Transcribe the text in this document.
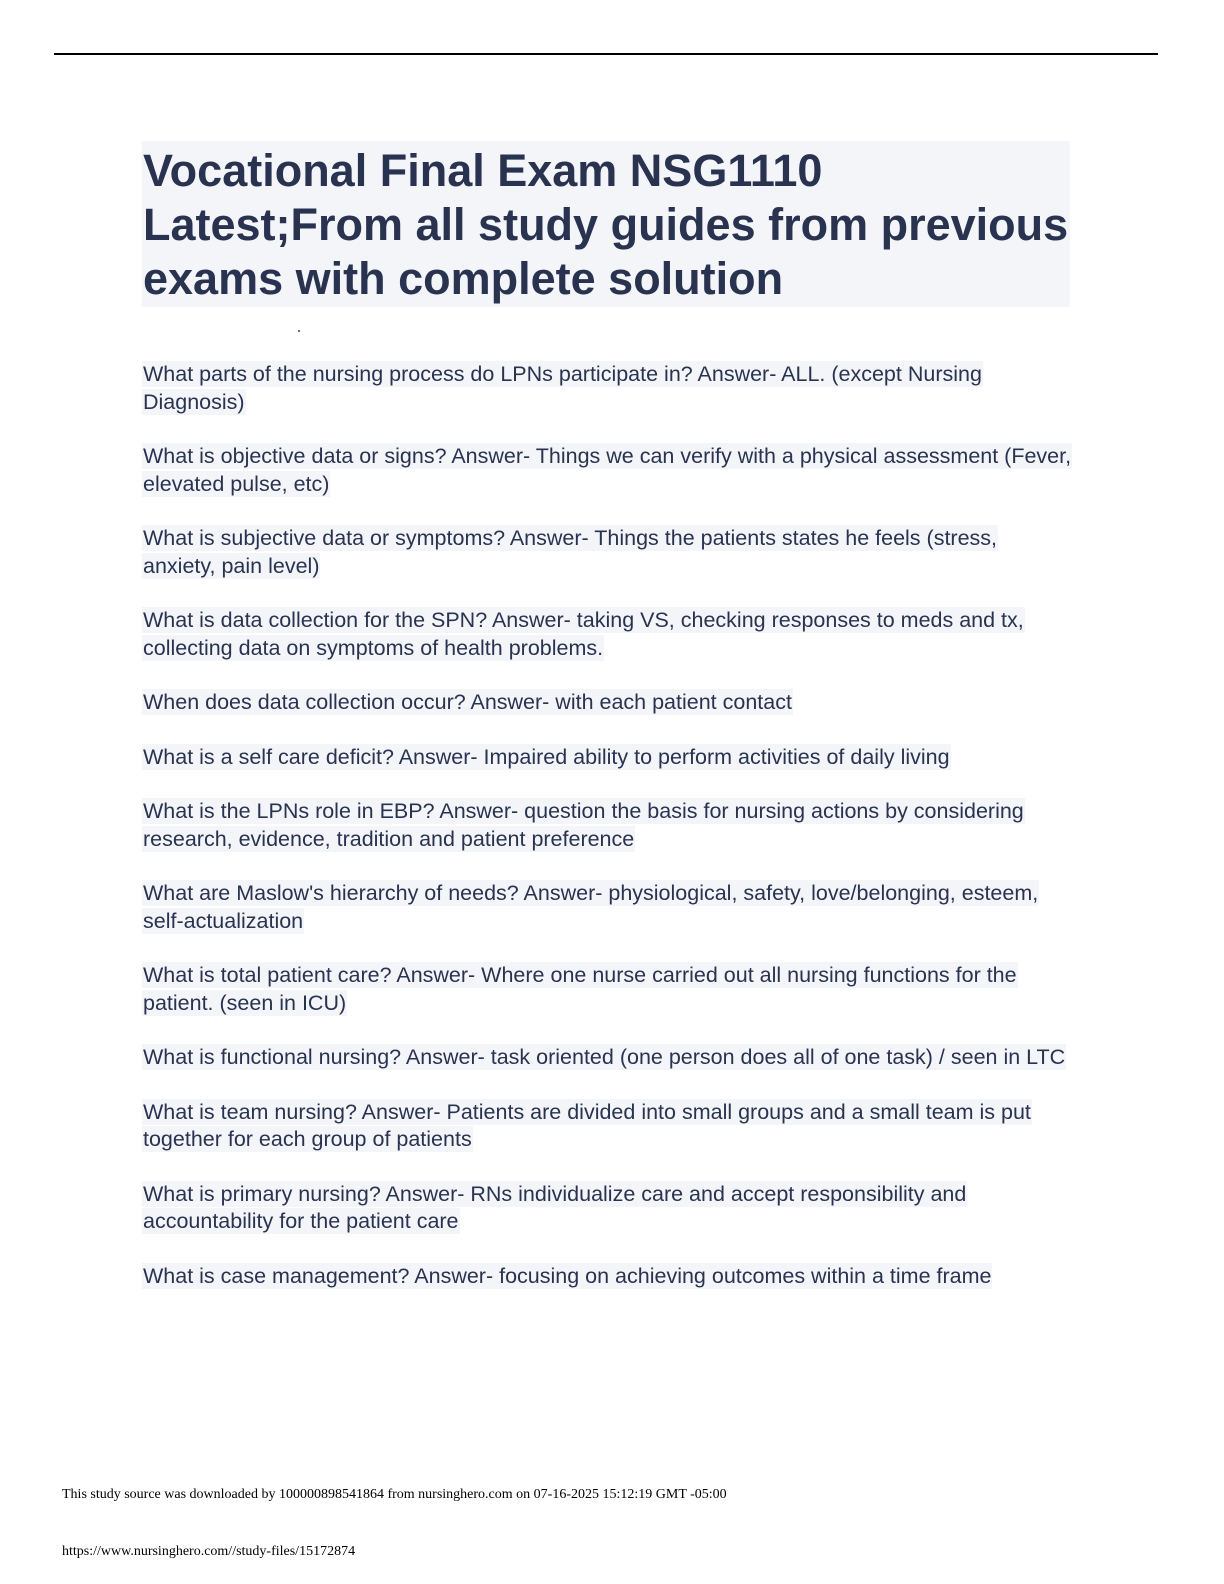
Vocational Final Exam NSG1110 Latest;From all study guides from previous exams with complete solution

What parts of the nursing process do LPNs participate in? Answer- ALL. (except Nursing Diagnosis)

What is objective data or signs? Answer- Things we can verify with a physical assessment (Fever, elevated pulse, etc)

What is subjective data or symptoms? Answer- Things the patients states he feels (stress, anxiety, pain level)

What is data collection for the SPN? Answer- taking VS, checking responses to meds and tx, collecting data on symptoms of health problems.

When does data collection occur? Answer- with each patient contact

What is a self care deficit? Answer- Impaired ability to perform activities of daily living

What is the LPNs role in EBP? Answer- question the basis for nursing actions by considering research, evidence, tradition and patient preference

What are Maslow's hierarchy of needs? Answer- physiological, safety, love/belonging, esteem, self-actualization

What is total patient care? Answer- Where one nurse carried out all nursing functions for the patient. (seen in ICU)

What is functional nursing? Answer- task oriented (one person does all of one task) / seen in LTC

What is team nursing? Answer- Patients are divided into small groups and a small team is put together for each group of patients

What is primary nursing? Answer- RNs individualize care and accept responsibility and accountability for the patient care

What is case management? Answer- focusing on achieving outcomes within a time frame

This study source was downloaded by 100000898541864 from nursinghero.com on 07-16-2025 15:12:19 GMT -05:00
https://www.nursinghero.com//study-files/15172874
